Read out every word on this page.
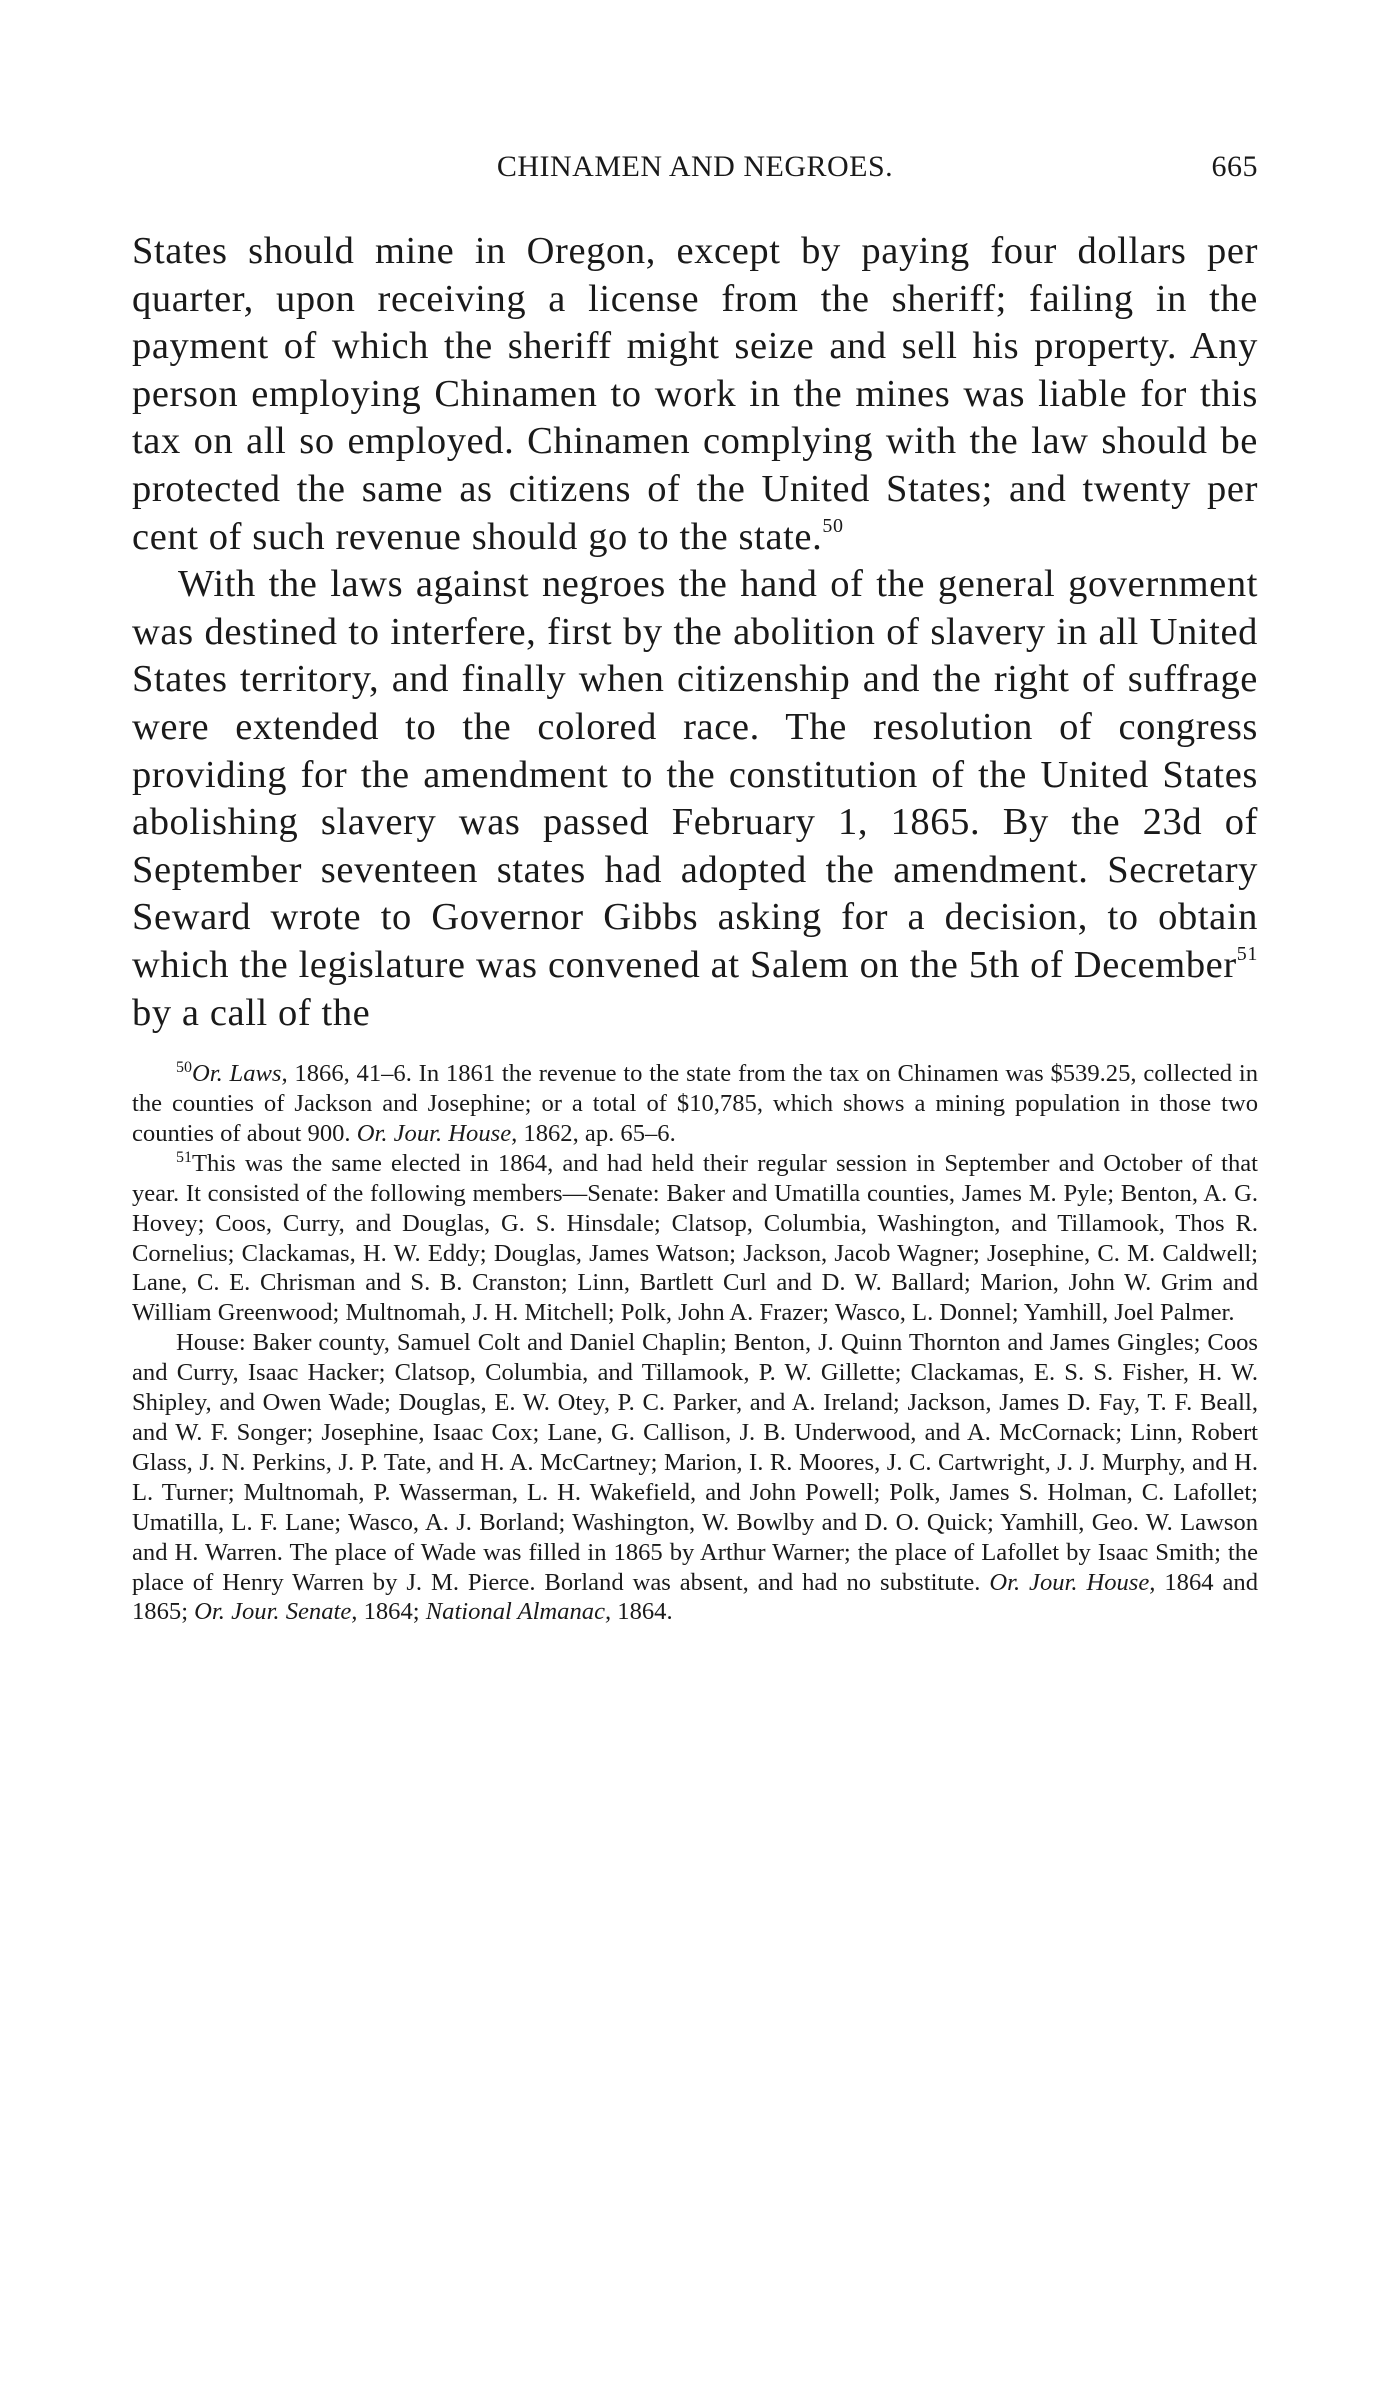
CHINAMEN AND NEGROES.	665

States should mine in Oregon, except by paying four dollars per quarter, upon receiving a license from the sheriff; failing in the payment of which the sheriff might seize and sell his property. Any person employing Chinamen to work in the mines was liable for this tax on all so employed. Chinamen complying with the law should be protected the same as citizens of the United States; and twenty per cent of such revenue should go to the state.$^{50}$

With the laws against negroes the hand of the general government was destined to interfere, first by the abolition of slavery in all United States territory, and finally when citizenship and the right of suffrage were extended to the colored race. The resolution of congress providing for the amendment to the constitution of the United States abolishing slavery was passed February 1, 1865. By the 23d of September seventeen states had adopted the amendment. Secretary Seward wrote to Governor Gibbs asking for a decision, to obtain which the legislature was convened at Salem on the 5th of December$^{51}$ by a call of the

$^{50}$Or. Laws, 1866, 41–6. In 1861 the revenue to the state from the tax on Chinamen was $539.25, collected in the counties of Jackson and Josephine; or a total of $10,785, which shows a mining population in those two counties of about 900. Or. Jour. House, 1862, ap. 65–6.

$^{51}$This was the same elected in 1864, and had held their regular session in September and October of that year. It consisted of the following members—Senate: Baker and Umatilla counties, James M. Pyle; Benton, A. G. Hovey; Coos, Curry, and Douglas, G. S. Hinsdale; Clatsop, Columbia, Washington, and Tillamook, Thos R. Cornelius; Clackamas, H. W. Eddy; Douglas, James Watson; Jackson, Jacob Wagner; Josephine, C. M. Caldwell; Lane, C. E. Chrisman and S. B. Cranston; Linn, Bartlett Curl and D. W. Ballard; Marion, John W. Grim and William Greenwood; Multnomah, J. H. Mitchell; Polk, John A. Frazer; Wasco, L. Donnel; Yamhill, Joel Palmer.

House: Baker county, Samuel Colt and Daniel Chaplin; Benton, J. Quinn Thornton and James Gingles; Coos and Curry, Isaac Hacker; Clatsop, Columbia, and Tillamook, P. W. Gillette; Clackamas, E. S. S. Fisher, H. W. Shipley, and Owen Wade; Douglas, E. W. Otey, P. C. Parker, and A. Ireland; Jackson, James D. Fay, T. F. Beall, and W. F. Songer; Josephine, Isaac Cox; Lane, G. Callison, J. B. Underwood, and A. McCornack; Linn, Robert Glass, J. N. Perkins, J. P. Tate, and H. A. McCartney; Marion, I. R. Moores, J. C. Cartwright, J. J. Murphy, and H. L. Turner; Multnomah, P. Wasserman, L. H. Wakefield, and John Powell; Polk, James S. Holman, C. Lafollet; Umatilla, L. F. Lane; Wasco, A. J. Borland; Washington, W. Bowlby and D. O. Quick; Yamhill, Geo. W. Lawson and H. Warren. The place of Wade was filled in 1865 by Arthur Warner; the place of Lafollet by Isaac Smith; the place of Henry Warren by J. M. Pierce. Borland was absent, and had no substitute. Or. Jour. House, 1864 and 1865; Or. Jour. Senate, 1864; National Almanac, 1864.
